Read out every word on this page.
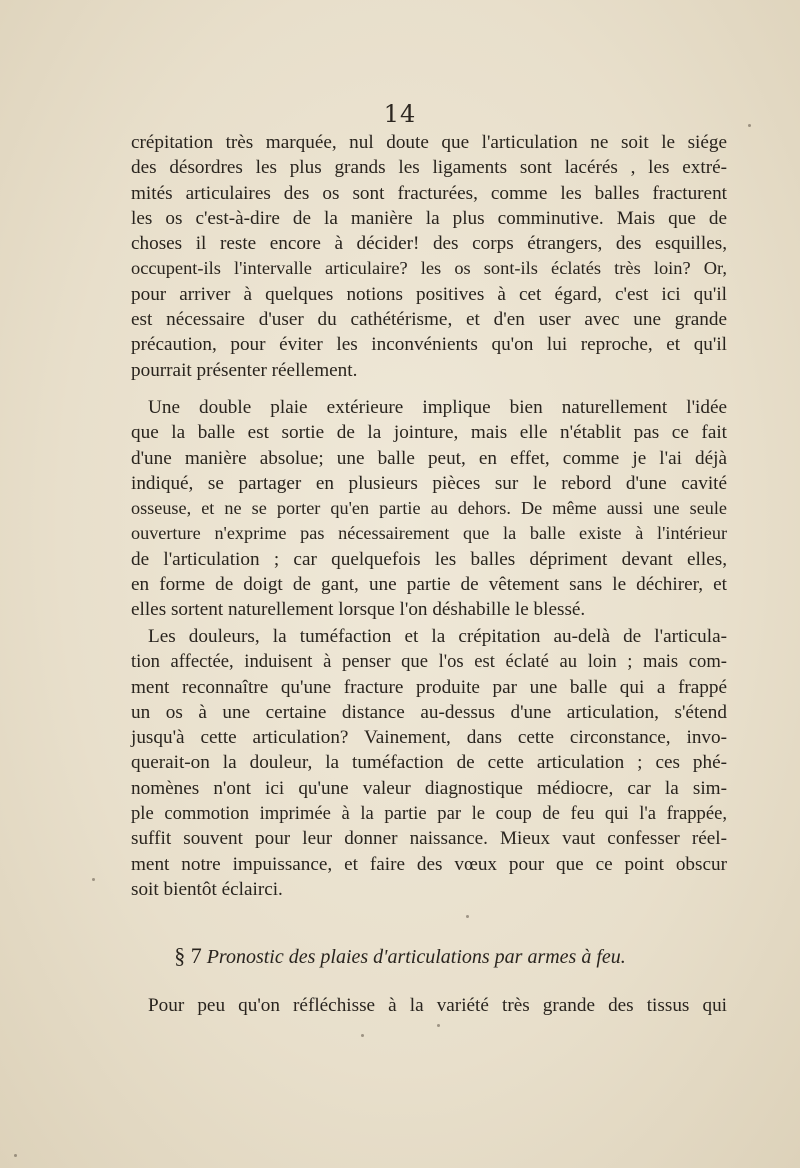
14
crépitation très marquée, nul doute que l'articulation ne soit le siége
des désordres les plus grands les ligaments sont lacérés , les extré-
mités articulaires des os sont fracturées, comme les balles fracturent
les os c'est-à-dire de la manière la plus comminutive. Mais que de
choses il reste encore à décider! des corps étrangers, des esquilles,
occupent-ils l'intervalle articulaire? les os sont-ils éclatés très loin? Or,
pour arriver à quelques notions positives à cet égard, c'est ici qu'il
est nécessaire d'user du cathétérisme, et d'en user avec une grande
précaution, pour éviter les inconvénients qu'on lui reproche, et qu'il
pourrait présenter réellement.
Une double plaie extérieure implique bien naturellement l'idée
que la balle est sortie de la jointure, mais elle n'établit pas ce fait
d'une manière absolue; une balle peut, en effet, comme je l'ai déjà
indiqué, se partager en plusieurs pièces sur le rebord d'une cavité
osseuse, et ne se porter qu'en partie au dehors. De même aussi une seule
ouverture n'exprime pas nécessairement que la balle existe à l'intérieur
de l'articulation ; car quelquefois les balles dépriment devant elles,
en forme de doigt de gant, une partie de vêtement sans le déchirer, et
elles sortent naturellement lorsque l'on déshabille le blessé.
Les douleurs, la tuméfaction et la crépitation au-delà de l'articula-
tion affectée, induisent à penser que l'os est éclaté au loin ; mais com-
ment reconnaître qu'une fracture produite par une balle qui a frappé
un os à une certaine distance au-dessus d'une articulation, s'étend
jusqu'à cette articulation? Vainement, dans cette circonstance, invo-
querait-on la douleur, la tuméfaction de cette articulation ; ces phé-
nomènes n'ont ici qu'une valeur diagnostique médiocre, car la sim-
ple commotion imprimée à la partie par le coup de feu qui l'a frappée,
suffit souvent pour leur donner naissance. Mieux vaut confesser réel-
ment notre impuissance, et faire des vœux pour que ce point obscur
soit bientôt éclairci.
§ 7 Pronostic des plaies d'articulations par armes à feu.
Pour peu qu'on réfléchisse à la variété très grande des tissus qui
